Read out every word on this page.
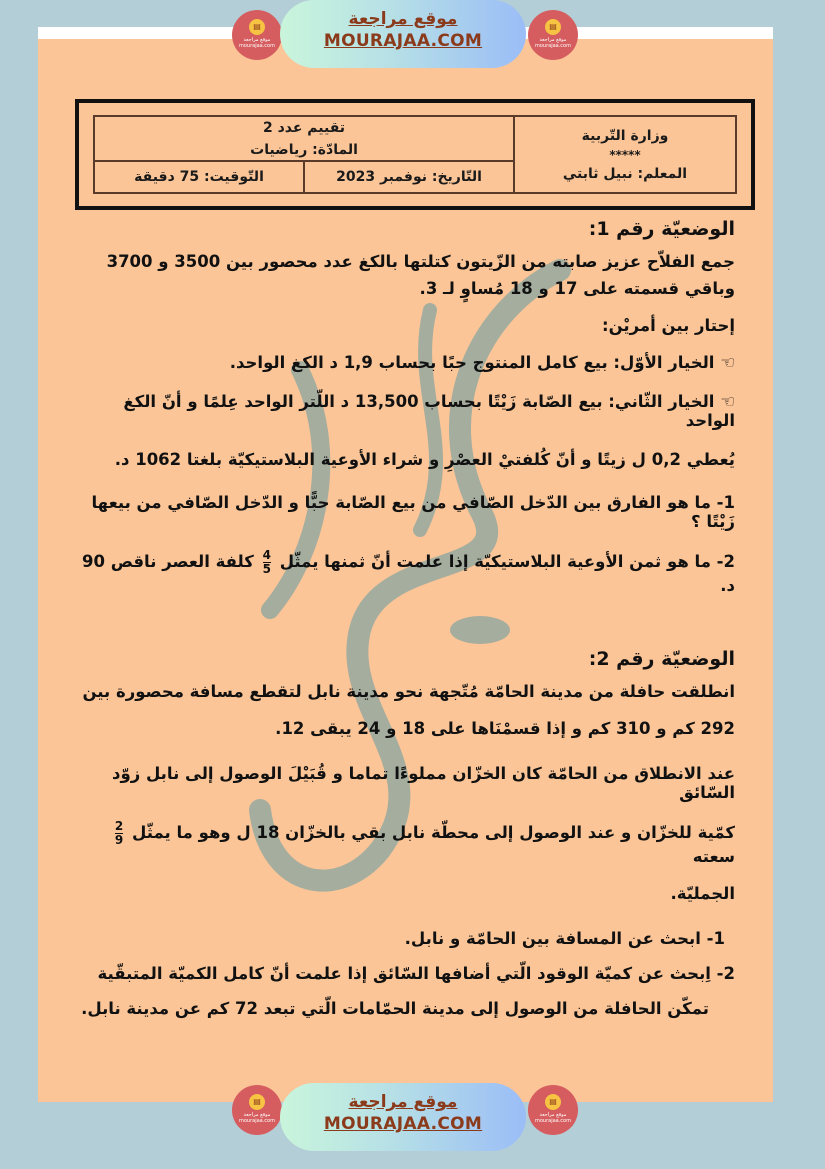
▤
موقع مراجعة
mourajaa.com
موقع مراجعة
MOURAJAA.COM
▤
موقع مراجعة
mourajaa.com
تقييم عدد 2
المادّة: رياضيات
وزارة التّربية
*****
المعلم: نبيل ثابتي
التّوقيت: 75 دقيقة	التّاريخ: نوفمبر 2023
الوضعيّة رقم 1:
جمع الفلاّح عزيز صابته من الزّيتون كتلتها بالكغ عدد محصور بين 3500 و 3700
وباقي قسمته على 17 و 18 مُساوٍ لـ 3.
إحتار بين أمريْن:
☜ الخيار الأوّل: بيع كامل المنتوج حبًا بحساب 1,9 د الكغ الواحد.
☜ الخيار الثّاني: بيع الصّابة زَيْتًا بحساب 13,500 د اللّتر الواحد عِلمًا و أنّ الكغ الواحد
يُعطي 0,2 ل زيتًا و أنّ كُلفتيْ العصْرِ و شراء الأوعية البلاستيكيّة بلغتا 1062 د.
1- ما هو الفارق بين الدّخل الصّافي من بيع الصّابة حبًّا و الدّخل الصّافي من بيعها زَيْتًا ؟
2- ما هو ثمن الأوعية البلاستيكيّة إذا علمت أنّ ثمنها يمثّل
$\frac{4}{5}$
كلفة العصر ناقص 90 د.
الوضعيّة رقم 2:
انطلقت حافلة من مدينة الحامّة مُتّجهة نحو مدينة نابل لتقطع مسافة محصورة بين
292 كم و 310 كم و إذا قسمْنَاها على 18 و 24 يبقى 12.
عند الانطلاق من الحامّة كان الخزّان مملوءًا تماما و قُبَيْلَ الوصول إلى نابل زوّد السّائق
كمّية للخزّان و عند الوصول إلى محطّة نابل بقي بالخزّان 18 ل وهو ما يمثّل
$\frac{2}{9}$
سعته
الجمليّة.
1- ابحث عن المسافة بين الحامّة و نابل.
2- اِبحث عن كميّة الوقود الّتي أضافها السّائق إذا علمت أنّ كامل الكميّة المتبقّية
تمكّن الحافلة من الوصول إلى مدينة الحمّامات الّتي تبعد 72 كم عن مدينة نابل.
▤
موقع مراجعة
mourajaa.com
موقع مراجعة
MOURAJAA.COM
▤
موقع مراجعة
mourajaa.com
